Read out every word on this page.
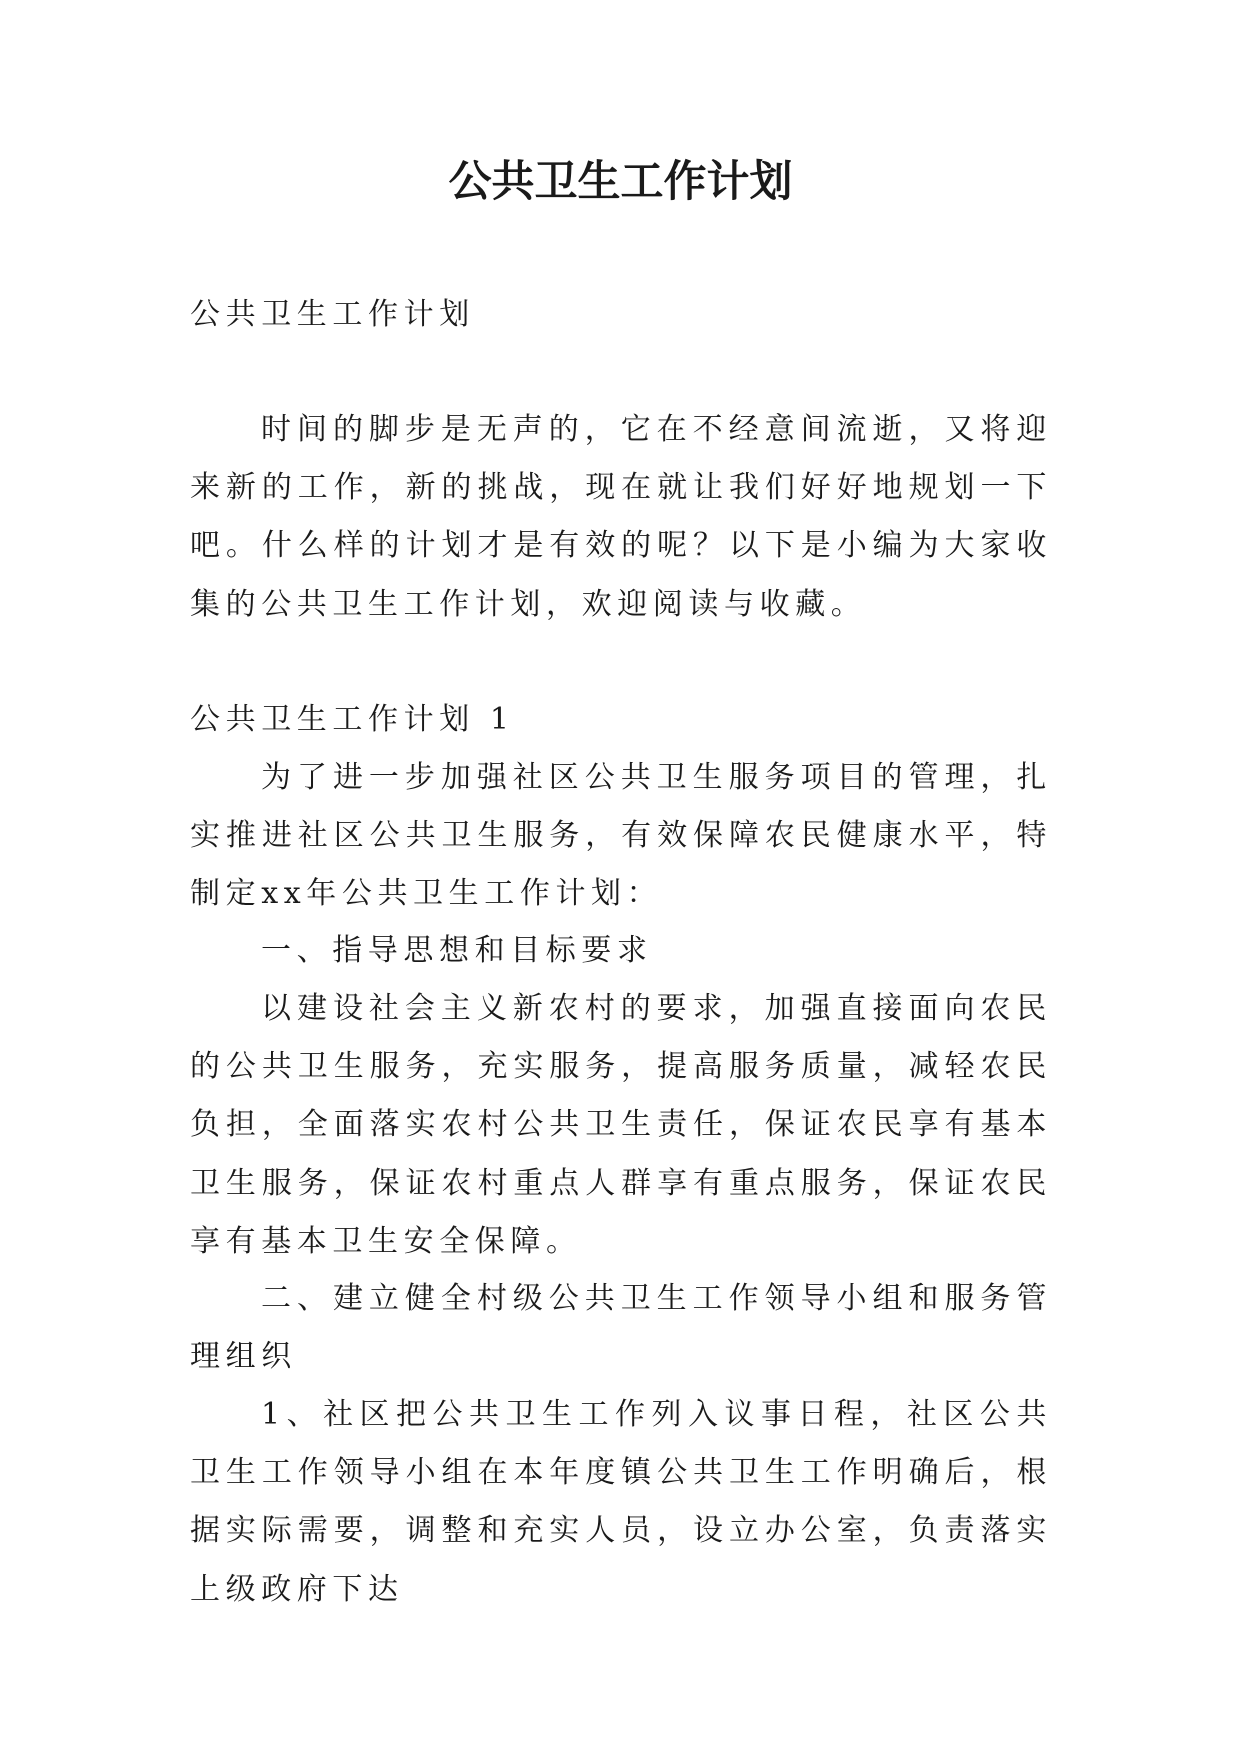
公共卫生工作计划

公共卫生工作计划

时间的脚步是无声的，它在不经意间流逝，又将迎来新的工作，新的挑战，现在就让我们好好地规划一下吧。什么样的计划才是有效的呢？以下是小编为大家收集的公共卫生工作计划，欢迎阅读与收藏。

公共卫生工作计划 1

为了进一步加强社区公共卫生服务项目的管理，扎实推进社区公共卫生服务，有效保障农民健康水平，特制定xx年公共卫生工作计划：

一、指导思想和目标要求

以建设社会主义新农村的要求，加强直接面向农民的公共卫生服务，充实服务，提高服务质量，减轻农民负担，全面落实农村公共卫生责任，保证农民享有基本卫生服务，保证农村重点人群享有重点服务，保证农民享有基本卫生安全保障。

二、建立健全村级公共卫生工作领导小组和服务管理组织

1、社区把公共卫生工作列入议事日程，社区公共卫生工作领导小组在本年度镇公共卫生工作明确后，根据实际需要，调整和充实人员，设立办公室，负责落实上级政府下达
